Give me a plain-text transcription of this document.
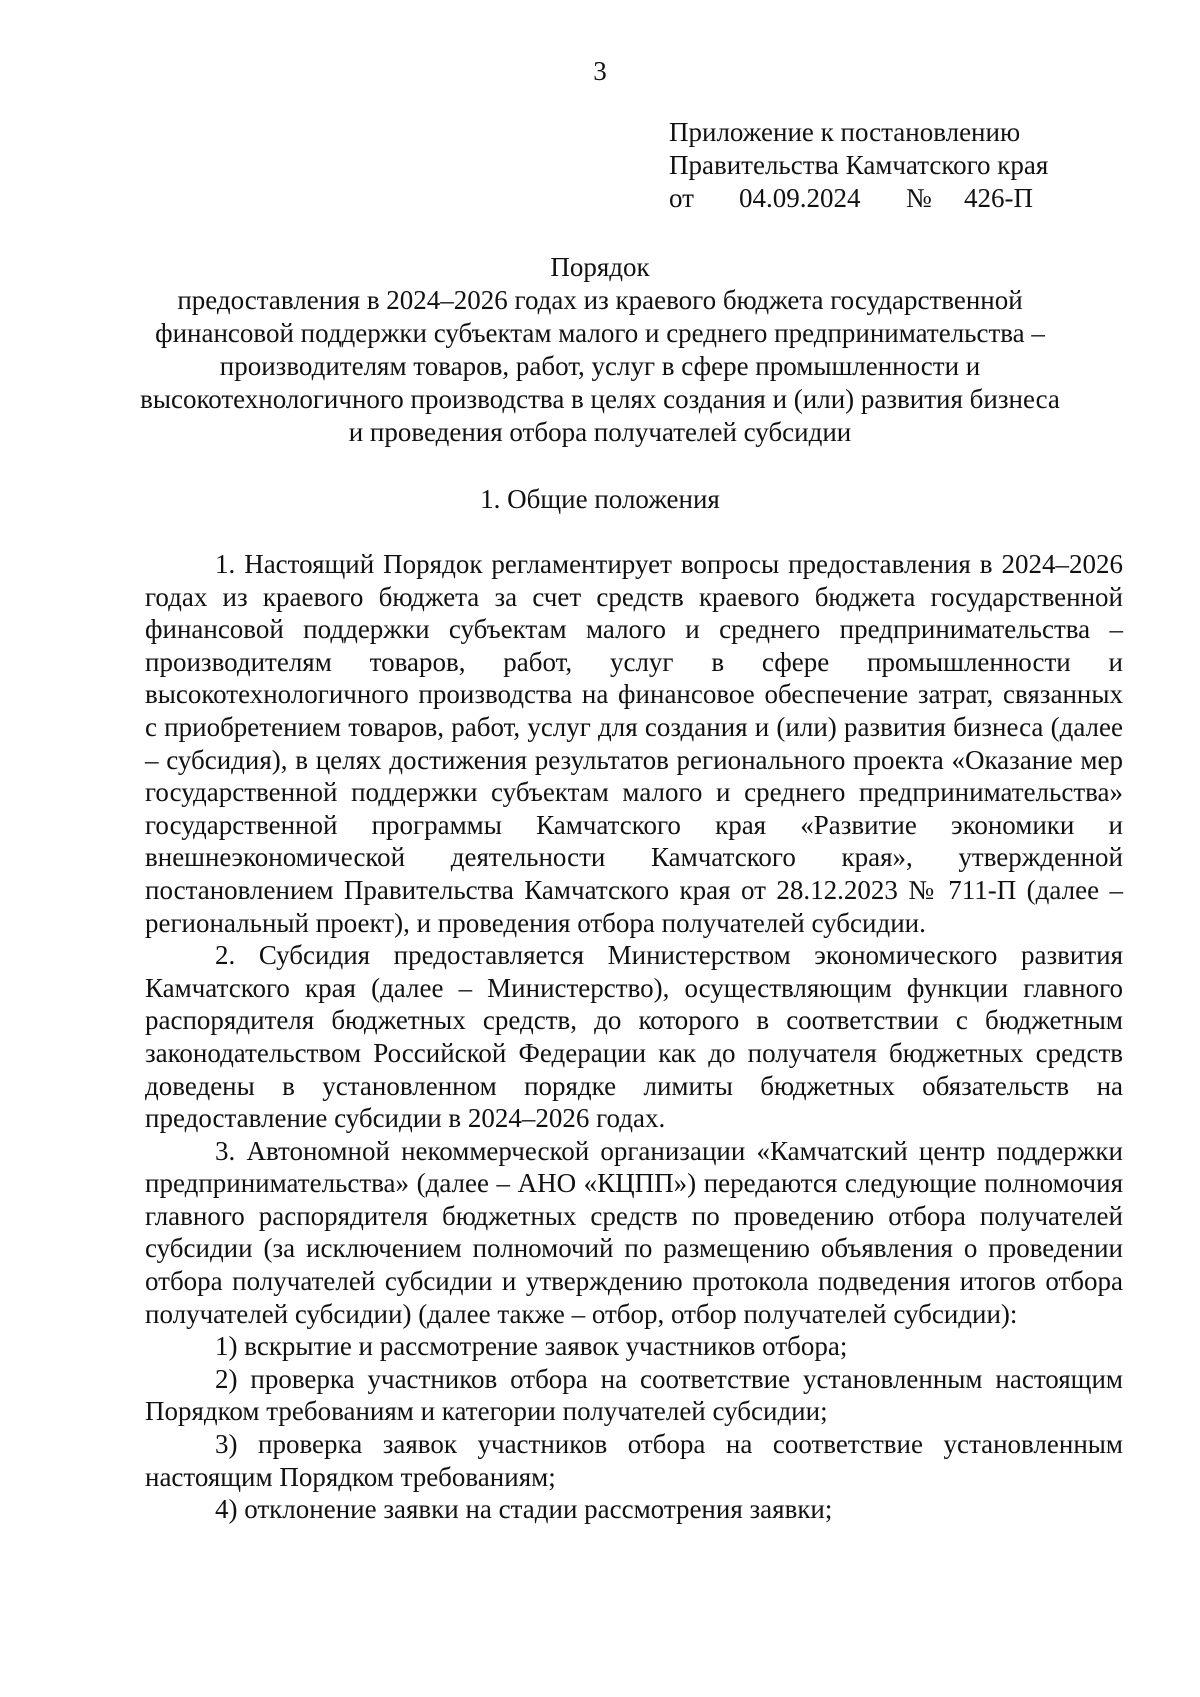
3
Приложение к постановлению
Правительства Камчатского края
от 04.09.2024 № 426-П
Порядок
предоставления в 2024–2026 годах из краевого бюджета государственной
финансовой поддержки субъектам малого и среднего предпринимательства –
производителям товаров, работ, услуг в сфере промышленности и
высокотехнологичного производства в целях создания и (или) развития бизнеса
и проведения отбора получателей субсидии
1. Общие положения

1. Настоящий Порядок регламентирует вопросы предоставления в 2024–2026 годах из краевого бюджета за счет средств краевого бюджета государственной финансовой поддержки субъектам малого и среднего предпринимательства – производителям товаров, работ, услуг в сфере промышленности и высокотехнологичного производства на финансовое обеспечение затрат, связанных с приобретением товаров, работ, услуг для создания и (или) развития бизнеса (далее – субсидия), в целях достижения результатов регионального проекта «Оказание мер государственной поддержки субъектам малого и среднего предпринимательства» государственной программы Камчатского края «Развитие экономики и внешнеэкономической деятельности Камчатского края», утвержденной постановлением Правительства Камчатского края от 28.12.2023 № 711-П (далее – региональный проект), и проведения отбора получателей субсидии.

2. Субсидия предоставляется Министерством экономического развития Камчатского края (далее – Министерство), осуществляющим функции главного распорядителя бюджетных средств, до которого в соответствии с бюджетным законодательством Российской Федерации как до получателя бюджетных средств доведены в установленном порядке лимиты бюджетных обязательств на предоставление субсидии в 2024–2026 годах.

3. Автономной некоммерческой организации «Камчатский центр поддержки предпринимательства» (далее – АНО «КЦПП») передаются следующие полномочия главного распорядителя бюджетных средств по проведению отбора получателей субсидии (за исключением полномочий по размещению объявления о проведении отбора получателей субсидии и утверждению протокола подведения итогов отбора получателей субсидии) (далее также – отбор, отбор получателей субсидии):

1) вскрытие и рассмотрение заявок участников отбора;

2) проверка участников отбора на соответствие установленным настоящим Порядком требованиям и категории получателей субсидии;

3) проверка заявок участников отбора на соответствие установленным настоящим Порядком требованиям;

4) отклонение заявки на стадии рассмотрения заявки;
